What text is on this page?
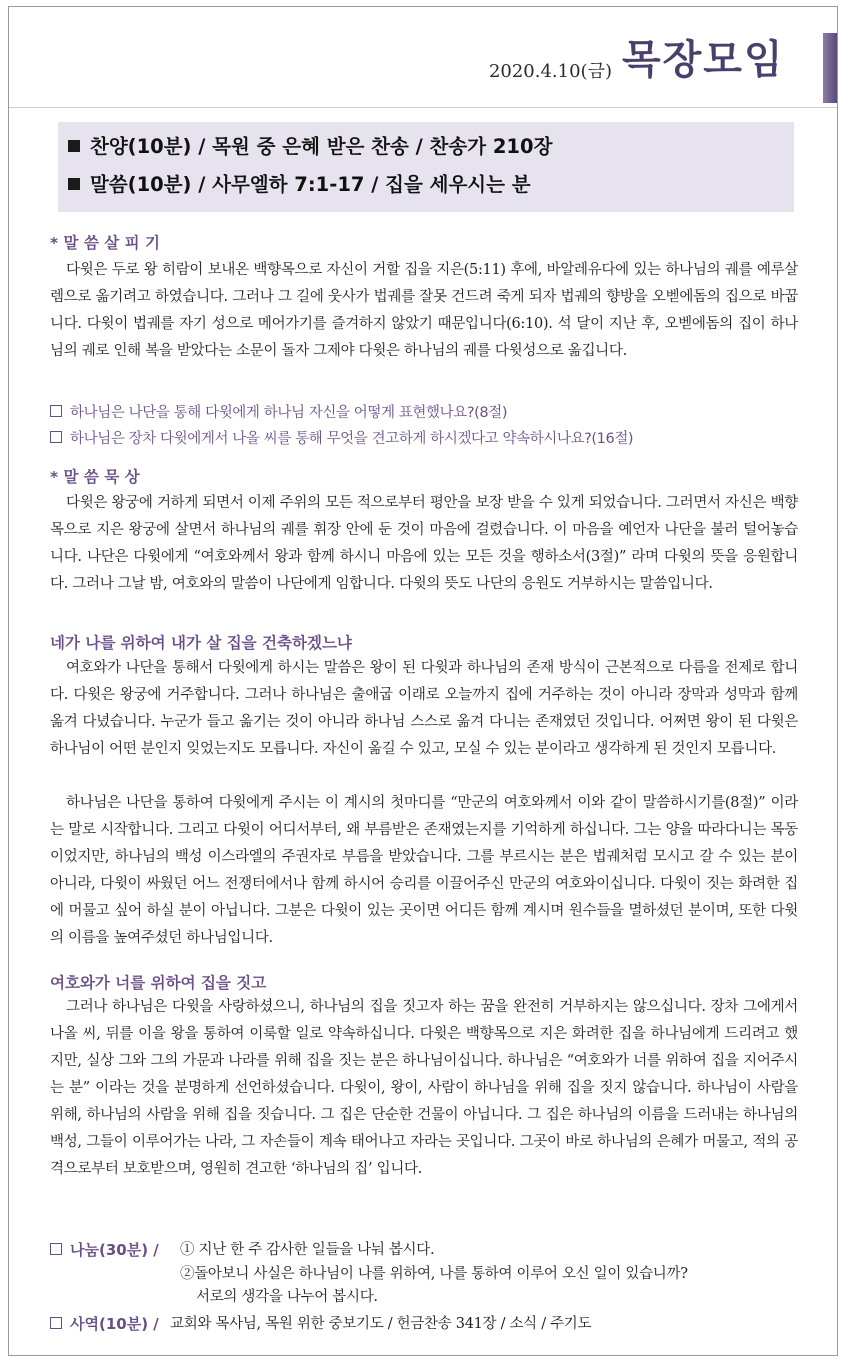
2020.4.10(금) 목장모임
찬양(10분) / 목원 중 은혜 받은 찬송 / 찬송가 210장
말씀(10분) / 사무엘하 7:1-17 / 집을 세우시는 분
* 말 씀 살 피 기

다윗은 두로 왕 히람이 보내온 백향목으로 자신이 거할 집을 지은(5:11) 후에, 바알레유다에 있는 하나님의 궤를 예루살렘으로 옮기려고 하였습니다. 그러나 그 길에 웃사가 법궤를 잘못 건드려 죽게 되자 법궤의 향방을 오벧에돔의 집으로 바꿉니다. 다윗이 법궤를 자기 성으로 메어가기를 즐겨하지 않았기 때문입니다(6:10). 석 달이 지난 후, 오벧에돔의 집이 하나님의 궤로 인해 복을 받았다는 소문이 돌자 그제야 다윗은 하나님의 궤를 다윗성으로 옮깁니다.

하나님은 나단을 통해 다윗에게 하나님 자신을 어떻게 표현했나요?(8절)
하나님은 장차 다윗에게서 나올 씨를 통해 무엇을 견고하게 하시겠다고 약속하시나요?(16절)
* 말 씀 묵 상

다윗은 왕궁에 거하게 되면서 이제 주위의 모든 적으로부터 평안을 보장 받을 수 있게 되었습니다. 그러면서 자신은 백향목으로 지은 왕궁에 살면서 하나님의 궤를 휘장 안에 둔 것이 마음에 걸렸습니다. 이 마음을 예언자 나단을 불러 털어놓습니다. 나단은 다윗에게 “여호와께서 왕과 함께 하시니 마음에 있는 모든 것을 행하소서(3절)” 라며 다윗의 뜻을 응원합니다. 그러나 그날 밤, 여호와의 말씀이 나단에게 임합니다. 다윗의 뜻도 나단의 응원도 거부하시는 말씀입니다.

네가 나를 위하여 내가 살 집을 건축하겠느냐

여호와가 나단을 통해서 다윗에게 하시는 말씀은 왕이 된 다윗과 하나님의 존재 방식이 근본적으로 다름을 전제로 합니다. 다윗은 왕궁에 거주합니다. 그러나 하나님은 출애굽 이래로 오늘까지 집에 거주하는 것이 아니라 장막과 성막과 함께 옮겨 다녔습니다. 누군가 들고 옮기는 것이 아니라 하나님 스스로 옮겨 다니는 존재였던 것입니다. 어쩌면 왕이 된 다윗은 하나님이 어떤 분인지 잊었는지도 모릅니다. 자신이 옮길 수 있고, 모실 수 있는 분이라고 생각하게 된 것인지 모릅니다.

하나님은 나단을 통하여 다윗에게 주시는 이 계시의 첫마디를 “만군의 여호와께서 이와 같이 말씀하시기를(8절)” 이라는 말로 시작합니다. 그리고 다윗이 어디서부터, 왜 부름받은 존재였는지를 기억하게 하십니다. 그는 양을 따라다니는 목동이었지만, 하나님의 백성 이스라엘의 주권자로 부름을 받았습니다. 그를 부르시는 분은 법궤처럼 모시고 갈 수 있는 분이 아니라, 다윗이 싸웠던 어느 전쟁터에서나 함께 하시어 승리를 이끌어주신 만군의 여호와이십니다. 다윗이 짓는 화려한 집에 머물고 싶어 하실 분이 아닙니다. 그분은 다윗이 있는 곳이면 어디든 함께 계시며 원수들을 멸하셨던 분이며, 또한 다윗의 이름을 높여주셨던 하나님입니다.

여호와가 너를 위하여 집을 짓고

그러나 하나님은 다윗을 사랑하셨으니, 하나님의 집을 짓고자 하는 꿈을 완전히 거부하지는 않으십니다. 장차 그에게서 나올 씨, 뒤를 이을 왕을 통하여 이룩할 일로 약속하십니다. 다윗은 백향목으로 지은 화려한 집을 하나님에게 드리려고 했지만, 실상 그와 그의 가문과 나라를 위해 집을 짓는 분은 하나님이십니다. 하나님은 “여호와가 너를 위하여 집을 지어주시는 분” 이라는 것을 분명하게 선언하셨습니다. 다윗이, 왕이, 사람이 하나님을 위해 집을 짓지 않습니다. 하나님이 사람을 위해, 하나님의 사람을 위해 집을 짓습니다. 그 집은 단순한 건물이 아닙니다. 그 집은 하나님의 이름을 드러내는 하나님의 백성, 그들이 이루어가는 나라, 그 자손들이 계속 태어나고 자라는 곳입니다. 그곳이 바로 하나님의 은혜가 머물고, 적의 공격으로부터 보호받으며, 영원히 견고한 ‘하나님의 집’ 입니다.

나눔(30분) / ① 지난 한 주 감사한 일들을 나눠 봅시다.
②돌아보니 사실은 하나님이 나를 위하여, 나를 통하여 이루어 오신 일이 있습니까?
서로의 생각을 나누어 봅시다.
사역(10분) / 교회와 목사님, 목원 위한 중보기도 / 헌금찬송 341장 / 소식 / 주기도
